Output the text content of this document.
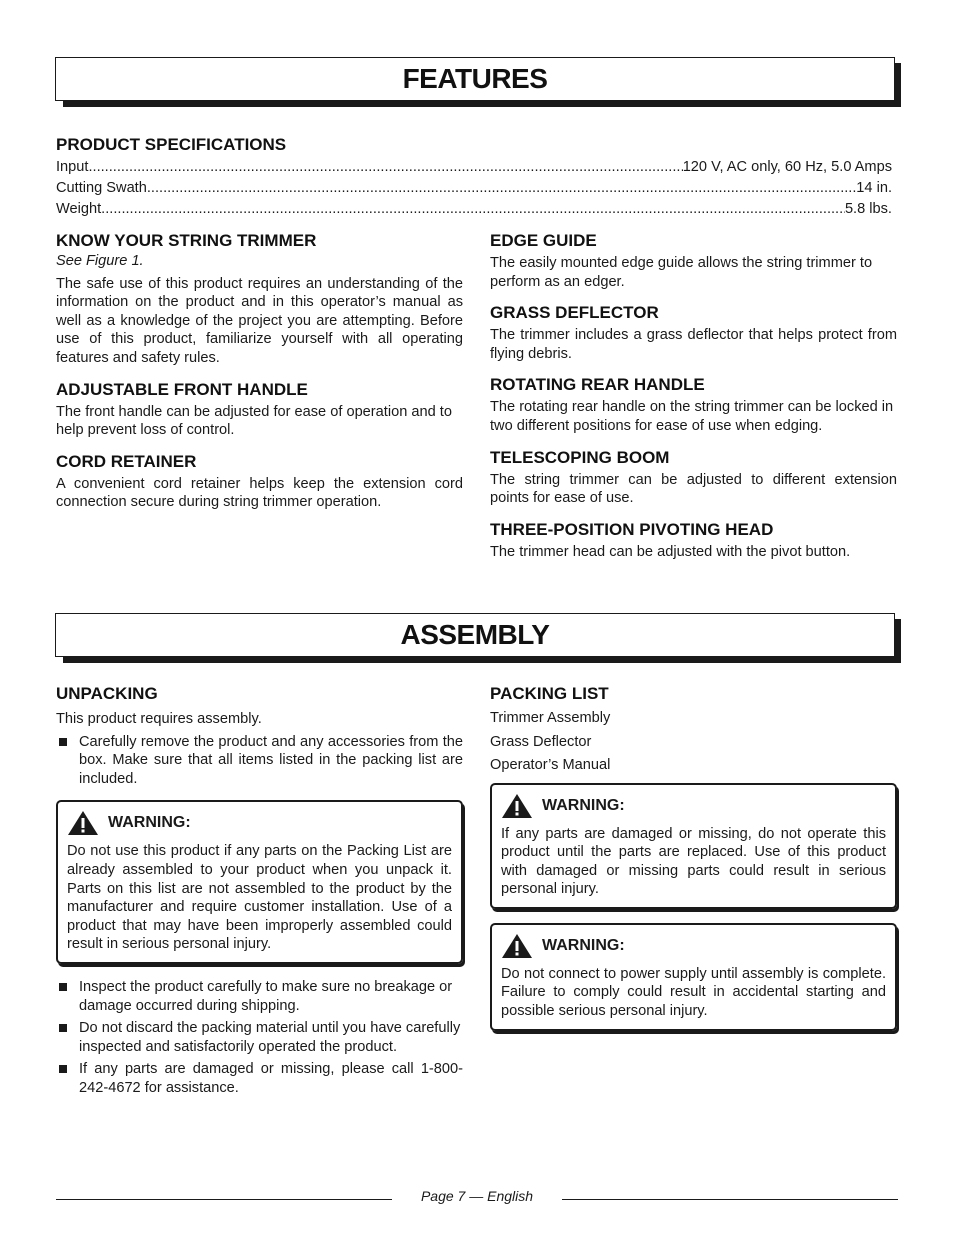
FEATURES
PRODUCT SPECIFICATIONS
Input .....	120 V, AC only, 60 Hz, 5.0 Amps
Cutting Swath .....	14 in.
Weight .....	5.8 lbs.
KNOW YOUR STRING TRIMMER

See Figure 1.

The safe use of this product requires an understanding of the information on the product and in this operator’s manual as well as a knowledge of the project you are attempting. Before use of this product, familiarize yourself with all operating features and safety rules.

ADJUSTABLE FRONT HANDLE

The front handle can be adjusted for ease of operation and to help prevent loss of control.

CORD RETAINER

A convenient cord retainer helps keep the extension cord connection secure during string trimmer operation.

EDGE GUIDE

The easily mounted edge guide allows the string trimmer to perform as an edger.

GRASS DEFLECTOR

The trimmer includes a grass deflector that helps protect from flying debris.

ROTATING REAR HANDLE

The rotating rear handle on the string trimmer can be locked in two different positions for ease of use when edging.

TELESCOPING BOOM

The string trimmer can be adjusted to different extension points for ease of use.

THREE-POSITION PIVOTING HEAD

The trimmer head can be adjusted with the pivot button.

ASSEMBLY
UNPACKING

This product requires assembly.

Carefully remove the product and any accessories from the box. Make sure that all items listed in the packing list are included.
WARNING:

Do not use this product if any parts on the Packing List are already assembled to your product when you unpack it. Parts on this list are not assembled to the product by the manufacturer and require customer installation. Use of a product that may have been improperly assembled could result in serious personal injury.

Inspect the product carefully to make sure no breakage or damage occurred during shipping.
Do not discard the packing material until you have carefully inspected and satisfactorily operated the product.
If any parts are damaged or missing, please call 1-800-242-4672 for assistance.
PACKING LIST
Trimmer Assembly
Grass Deflector
Operator’s Manual
WARNING:

If any parts are damaged or missing, do not operate this product until the parts are replaced. Use of this product with damaged or missing parts could result in serious personal injury.

WARNING:

Do not connect to power supply until assembly is complete. Failure to comply could result in accidental starting and possible serious personal injury.

Page 7 — English
